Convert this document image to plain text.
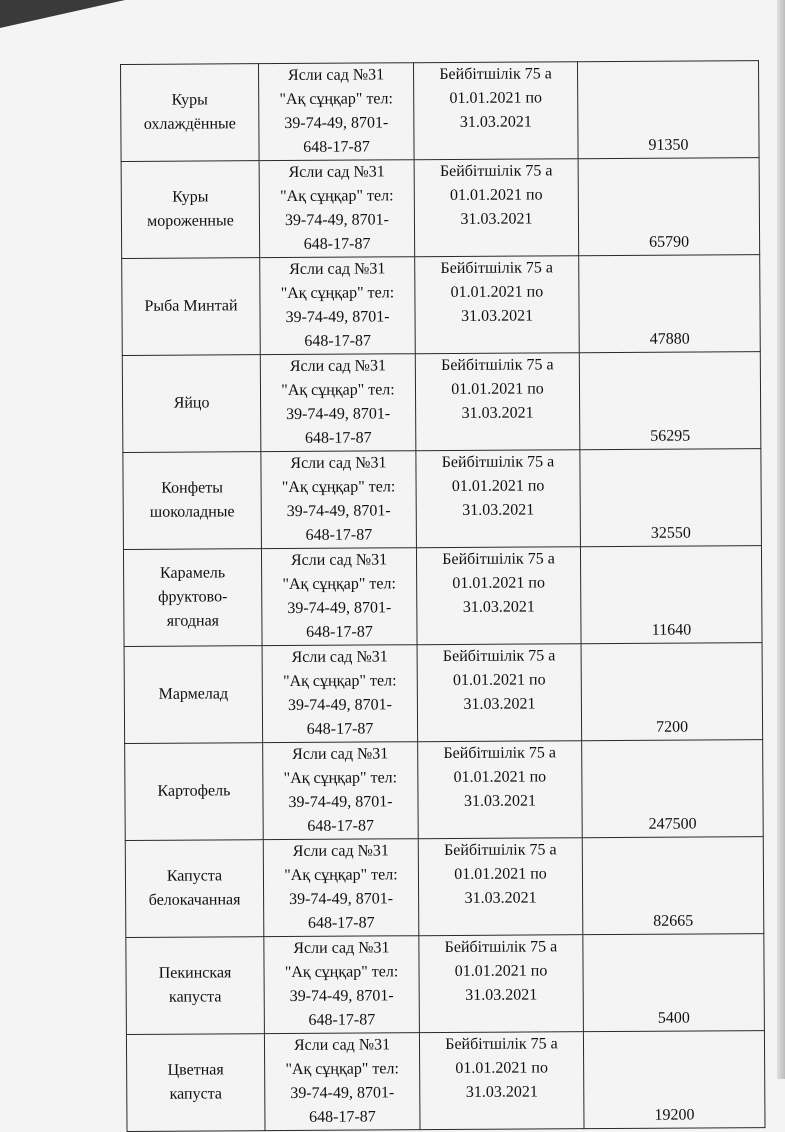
Куры охлаждённые	Ясли сад №31
"Ақ сұңқар" тел:
39-74-49, 8701-
648-17-87	Бейбітшілік 75 а
01.01.2021 по
31.03.2021	91350

Куры мороженные	Ясли сад №31
"Ақ сұңқар" тел:
39-74-49, 8701-
648-17-87	Бейбітшілік 75 а
01.01.2021 по
31.03.2021	65790

Рыба Минтай	Ясли сад №31
"Ақ сұңқар" тел:
39-74-49, 8701-
648-17-87	Бейбітшілік 75 а
01.01.2021 по
31.03.2021	47880

Яйцо	Ясли сад №31
"Ақ сұңқар" тел:
39-74-49, 8701-
648-17-87	Бейбітшілік 75 а
01.01.2021 по
31.03.2021	56295

Конфеты шоколадные	Ясли сад №31
"Ақ сұңқар" тел:
39-74-49, 8701-
648-17-87	Бейбітшілік 75 а
01.01.2021 по
31.03.2021	32550

Карамель фруктово-ягодная	Ясли сад №31
"Ақ сұңқар" тел:
39-74-49, 8701-
648-17-87	Бейбітшілік 75 а
01.01.2021 по
31.03.2021	11640

Мармелад	Ясли сад №31
"Ақ сұңқар" тел:
39-74-49, 8701-
648-17-87	Бейбітшілік 75 а
01.01.2021 по
31.03.2021	7200

Картофель	Ясли сад №31
"Ақ сұңқар" тел:
39-74-49, 8701-
648-17-87	Бейбітшілік 75 а
01.01.2021 по
31.03.2021	247500

Капуста белокачанная	Ясли сад №31
"Ақ сұңқар" тел:
39-74-49, 8701-
648-17-87	Бейбітшілік 75 а
01.01.2021 по
31.03.2021	82665

Пекинская капуста	Ясли сад №31
"Ақ сұңқар" тел:
39-74-49, 8701-
648-17-87	Бейбітшілік 75 а
01.01.2021 по
31.03.2021	5400

Цветная капуста	Ясли сад №31
"Ақ сұңқар" тел:
39-74-49, 8701-
648-17-87	Бейбітшілік 75 а
01.01.2021 по
31.03.2021	19200
